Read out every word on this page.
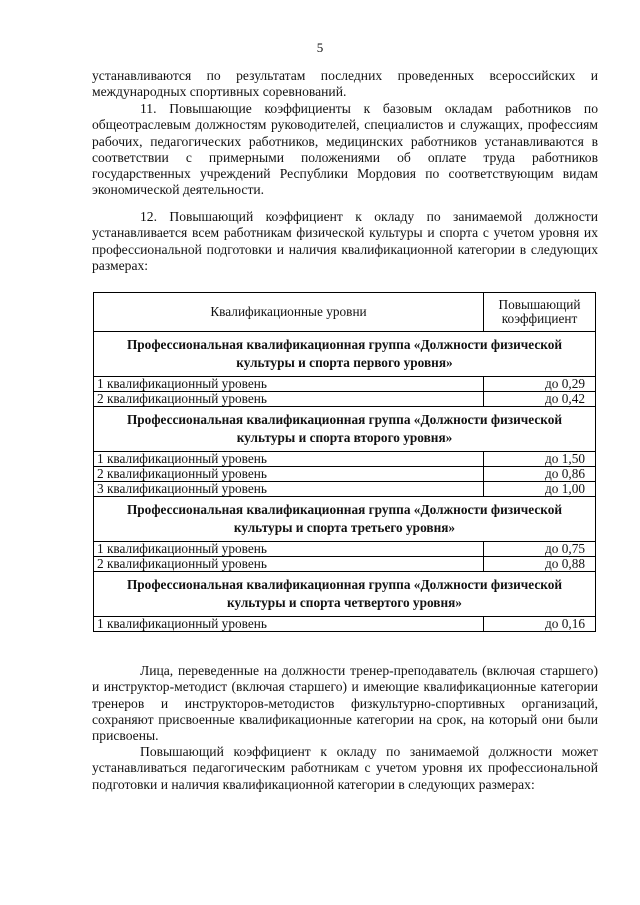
5

устанавливаются по результатам последних проведенных всероссийских и международных спортивных соревнований.

11. Повышающие коэффициенты к базовым окладам работников по общеотраслевым должностям руководителей, специалистов и служащих, профессиям рабочих, педагогических работников, медицинских работников устанавливаются в соответствии с примерными положениями об оплате труда работников государственных учреждений Республики Мордовия по соответствующим видам экономической деятельности.

12. Повышающий коэффициент к окладу по занимаемой должности устанавливается всем работникам физической культуры и спорта с учетом уровня их профессиональной подготовки и наличия квалификационной категории в следующих размерах:

Квалификационные уровни	Повышающий
коэффициент
Профессиональная квалификационная группа «Должности физической культуры и спорта первого уровня»	
1 квалификационный уровень	до 0,29
2 квалификационный уровень	до 0,42
Профессиональная квалификационная группа «Должности физической культуры и спорта второго уровня»	
1 квалификационный уровень	до 1,50
2 квалификационный уровень	до 0,86
3 квалификационный уровень	до 1,00
Профессиональная квалификационная группа «Должности физической культуры и спорта третьего уровня»	
1 квалификационный уровень	до 0,75
2 квалификационный уровень	до 0,88
Профессиональная квалификационная группа «Должности физической культуры и спорта четвертого уровня»	
1 квалификационный уровень	до 0,16

Лица, переведенные на должности тренер-преподаватель (включая старшего) и инструктор-методист (включая старшего) и имеющие квалификационные категории тренеров и инструкторов-методистов физкультурно-спортивных организаций, сохраняют присвоенные квалификационные категории на срок, на который они были присвоены.

Повышающий коэффициент к окладу по занимаемой должности может устанавливаться педагогическим работникам с учетом уровня их профессиональной подготовки и наличия квалификационной категории в следующих размерах:
